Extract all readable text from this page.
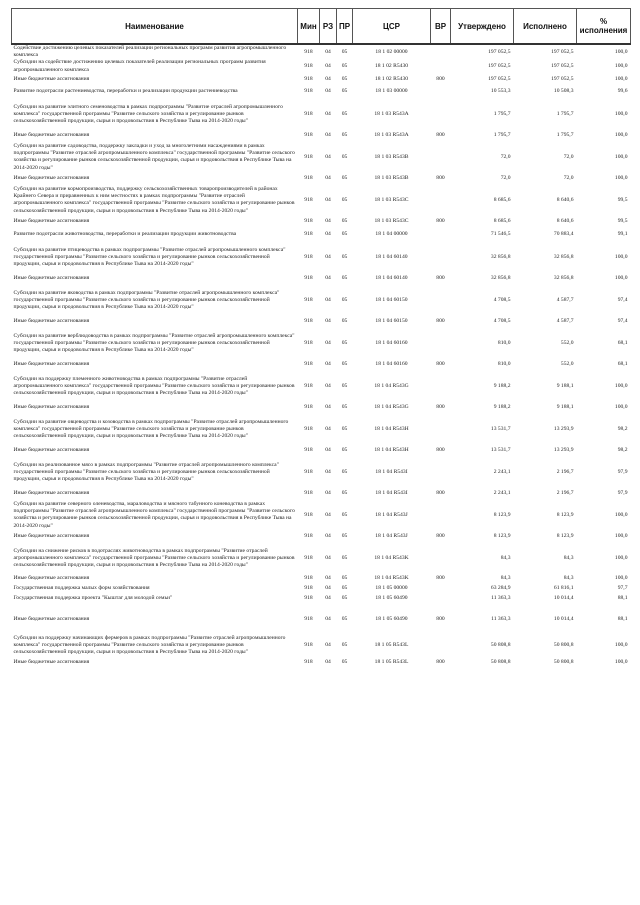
Наименование	Мин	РЗ	ПР	ЦСР	ВР	Утверждено	Исполнено	%
исполнения

Содействие достижению целевых показателей реализации региональных программ развития агропромышленного комплекса	918	04	05	18 1 02 00000		197 052,5	197 052,5	100,0
Субсидии на содействие достижению целевых показателей реализации региональных программ развития агропромышленного комплекса	918	04	05	18 1 02 R5430		197 052,5	197 052,5	100,0
Иные бюджетные ассигнования	918	04	05	18 1 02 R5430	800	197 052,5	197 052,5	100,0
Развитие подотрасли растениеводства, переработки и реализации продукции растениеводства	918	04	05	18 1 03 00000		10 553,3	10 508,3	99,6
Субсидии на развитие элитного семеноводства в рамках подпрограммы "Развитие отраслей агропромышленного комплекса" государственной программы "Развитие сельского хозяйства и регулирование рынков сельскохозяйственной продукции, сырья и продовольствия в Республике Тыва на 2014-2020 годы"	918	04	05	18 1 03 R543A		1 795,7	1 795,7	100,0
Иные бюджетные ассигнования	918	04	05	18 1 03 R543A	800	1 795,7	1 795,7	100,0
Субсидии на развитие садоводства, поддержку закладки и уход за многолетними насаждениями в рамках подпрограммы "Развитие отраслей агропромышленного комплекса" государственной программы "Развитие сельского хозяйства и регулирование рынков сельскохозяйственной продукции, сырья и продовольствия в Республике Тыва на 2014-2020 годы"	918	04	05	18 1 03 R543B		72,0	72,0	100,0
Иные бюджетные ассигнования	918	04	05	18 1 03 R543B	800	72,0	72,0	100,0
Субсидии на развитие кормопроизводства, поддержку сельскохозяйственных товаропроизводителей в районах Крайнего Севера и приравненных к ним местностях в рамках подпрограммы "Развитие отраслей агропромышленного комплекса" государственной программы "Развитие сельского хозяйства и регулирование рынков сельскохозяйственной продукции, сырья и продовольствия в Республике Тыва на 2014-2020 годы"	918	04	05	18 1 03 R543C		8 685,6	8 640,6	99,5
Иные бюджетные ассигнования	918	04	05	18 1 03 R543C	800	8 685,6	8 640,6	99,5
Развитие подотрасли животноводства, переработки и реализации продукции животноводства	918	04	05	18 1 04 00000		71 546,5	70 883,4	99,1
Субсидии на развитие птицеводства в рамках подпрограммы "Развитие отраслей агропромышленного комплекса" государственной программы "Развитие сельского хозяйства и регулирование рынков сельскохозяйственной продукции, сырья и продовольствия в Республике Тыва на 2014-2020 годы"	918	04	05	18 1 04 60140		32 856,8	32 856,8	100,0
Иные бюджетные ассигнования	918	04	05	18 1 04 60140	800	32 856,8	32 856,8	100,0
Субсидии на развитие яководства в рамках подпрограммы "Развитие отраслей агропромышленного комплекса" государственной программы "Развитие сельского хозяйства и регулирование рынков сельскохозяйственной продукции, сырья и продовольствия в Республике Тыва на 2014-2020 годы"	918	04	05	18 1 04 60150		4 708,5	4 587,7	97,4
Иные бюджетные ассигнования	918	04	05	18 1 04 60150	800	4 708,5	4 587,7	97,4
Субсидии на развитие верблюдоводства в рамках подпрограммы "Развитие отраслей агропромышленного комплекса" государственной программы "Развитие сельского хозяйства и регулирование рынков сельскохозяйственной продукции, сырья и продовольствия в Республике Тыва на 2014-2020 годы"	918	04	05	18 1 04 60160		810,0	552,0	68,1
Иные бюджетные ассигнования	918	04	05	18 1 04 60160	800	810,0	552,0	68,1
Субсидии на поддержку племенного животноводства в рамках подпрограммы "Развитие отраслей агропромышленного комплекса" государственной программы "Развитие сельского хозяйства и регулирование рынков сельскохозяйственной продукции, сырья и продовольствия в Республике Тыва на 2014-2020 годы"	918	04	05	18 1 04 R543G		9 188,2	9 188,1	100,0
Иные бюджетные ассигнования	918	04	05	18 1 04 R543G	800	9 188,2	9 188,1	100,0
Субсидии на развитие овцеводства и козоводства в рамках подпрограммы "Развитие отраслей агропромышленного комплекса" государственной программы "Развитие сельского хозяйства и регулирование рынков сельскохозяйственной продукции, сырья и продовольствия в Республике Тыва на 2014-2020 годы"	918	04	05	18 1 04 R543H		13 531,7	13 293,9	98,2
Иные бюджетные ассигнования	918	04	05	18 1 04 R543H	800	13 531,7	13 293,9	98,2
Субсидии на реализованное мясо в рамках подпрограммы "Развитие отраслей агропромышленного комплекса" государственной программы "Развитие сельского хозяйства и регулирование рынков сельскохозяйственной продукции, сырья и продовольствия в Республике Тыва на 2014-2020 годы"	918	04	05	18 1 04 R543I		2 243,1	2 196,7	97,9
Иные бюджетные ассигнования	918	04	05	18 1 04 R543I	800	2 243,1	2 196,7	97,9
Субсидии на развитие северного оленеводства, мараловодства и мясного табунного коневодства в рамках подпрограммы "Развитие отраслей агропромышленного комплекса" государственной программы "Развитие сельского хозяйства и регулирование рынков сельскохозяйственной продукции, сырья и продовольствия в Республике Тыва на 2014-2020 годы"	918	04	05	18 1 04 R543J		8 123,9	8 123,9	100,0
Иные бюджетные ассигнования	918	04	05	18 1 04 R543J	800	8 123,9	8 123,9	100,0
Субсидии на снижение рисков в подотраслях животноводства в рамках подпрограммы "Развитие отраслей агропромышленного комплекса" государственной программы "Развитие сельского хозяйства и регулирование рынков сельскохозяйственной продукции, сырья и продовольствия в Республике Тыва на 2014-2020 годы"	918	04	05	18 1 04 R543K		84,3	84,3	100,0
Иные бюджетные ассигнования	918	04	05	18 1 04 R543K	800	84,3	84,3	100,0
Государственная поддержка малых форм хозяйствования	918	04	05	18 1 05 00000		63 284,9	61 816,1	97,7
Государственная поддержка проекта "Кыштаг для молодой семьи"	918	04	05	18 1 05 60490		11 363,3	10 014,4	88,1
Иные бюджетные ассигнования	918	04	05	18 1 05 60490	800	11 363,3	10 014,4	88,1
Субсидии на поддержку начинающих фермеров в рамках подпрограммы "Развитие отраслей агропромышленного комплекса" государственной программы "Развитие сельского хозяйства и регулирование рынков сельскохозяйственной продукции, сырья и продовольствия в Республике Тыва на 2014-2020 годы"	918	04	05	18 1 05 R543L		50 808,8	50 800,8	100,0
Иные бюджетные ассигнования	918	04	05	18 1 05 R543L	800	50 808,8	50 800,8	100,0
